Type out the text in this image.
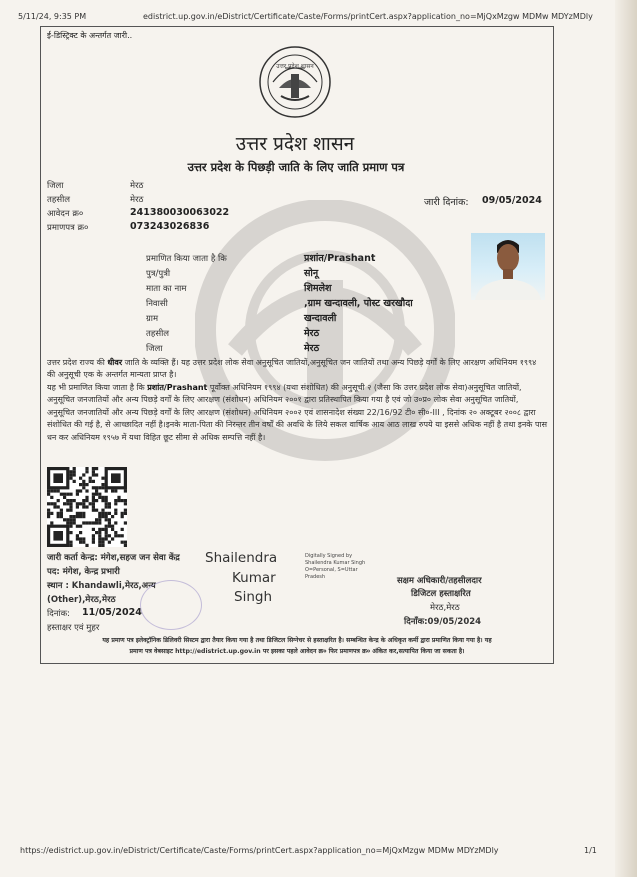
5/11/24, 9:35 PM	edistrict.up.gov.in/eDistrict/Certificate/Caste/Forms/printCert.aspx?application_no=MjQxMzgw MDMw MDYzMDly
https://edistrict.up.gov.in/eDistrict/Certificate/Caste/Forms/printCert.aspx?application_no=MjQxMzgw MDMw MDYzMDly	1/1
ई-डिस्ट्रिक्ट के अन्तर्गत जारी..
उत्तर प्रदेश शासन
उत्तर प्रदेश शासन
उत्तर प्रदेश के पिछड़ी जाति के लिए जाति प्रमाण पत्र
जिला	मेरठ
तहसील	मेरठ
आवेदन क्र०	241380030063022
प्रमाणपत्र क्र०	073243026836
जारी दिनांक: 09/05/2024
प्रमाणित किया जाता है कि	प्रशांत/Prashant
पुत्र/पुत्री	सोनू
माता का नाम	शिमलेश
निवासी	,ग्राम खन्दावली, पोस्ट खरखौदा
ग्राम	खन्दावली
तहसील	मेरठ
जिला	मेरठ
उत्तर प्रदेश राज्य की धीवर जाति के व्यक्ति हैं। यह उत्तर प्रदेश लोक सेवा अनुसूचित जातियों,अनुसूचित जन जातियों तथा अन्य पिछड़े वर्गों के लिए आरक्षण अधिनियम १९९४ की अनुसूची एक के अन्तर्गत मान्यता प्राप्त है।
यह भी प्रमाणित किया जाता है कि प्रशांत/Prashant पूर्वोक्त अधिनियम १९९४ (यथा संशोधित) की अनुसूची २ (जैसा कि उत्तर प्रदेश लोक सेवा)अनुसूचित जातियों, अनुसूचित जनजातियों और अन्य पिछड़े वर्गों के लिए आरक्षण (संशोधन) अधिनियम २००१ द्वारा प्रतिस्थापित किया गया है एवं जो उ०प्र० लोक सेवा अनुसूचित जातियों, अनुसूचित जनजातियों और अन्य पिछड़े वर्गों के लिए आरक्षण (संशोधन) अधिनियम २००२ एवं शासनादेश संख्या 22/16/92 टी० सी०-III , दिनांक २० अक्टूबर २००८ द्वारा संशोधित की गई है, से आच्छादित नहीं है।इनके माता-पिता की निरन्तर तीन वर्षों की अवधि के लिये सकल वार्षिक आय आठ लाख रुपये या इससे अधिक नहीं है तथा इनके पास धन कर अधिनियम १९५७ में यथा विहित छूट सीमा से अधिक सम्पत्ति नहीं है।
जारी कर्ता केन्द्र: मंगेश,सहज जन सेवा केंद्र
पद: मंगेश, केन्द्र प्रभारी
स्थान : Khandawli,मेरठ,अन्य
(Other),मेरठ,मेरठ
दिनांक: 11/05/2024
हस्ताक्षर एवं मुहर
Shailendra
Kumar
Singh
Digitally Signed by Shailendra Kumar Singh O=Personal, S=Uttar Pradesh	सक्षम अधिकारी/तहसीलदार
डिजिटल हस्ताक्षरित
मेरठ,मेरठ
दिनाँक:09/05/2024
यह प्रमाण पत्र इलेक्ट्रॉनिक डिलिवरी सिस्टम द्वारा तैयार किया गया है तथा डिजिटल सिग्नेचर से हस्ताक्षरित है। सम्बन्धित केन्द्र के अधिकृत कर्मी द्वारा प्रमाणित किया गया है। यह
प्रमाण पत्र वेबसाइट http://edistrict.up.gov.in पर इसका पहले आवेदन क्र० फिर प्रमाणपत्र क्र० अंकित कर,सत्यापित किया जा सकता है।
